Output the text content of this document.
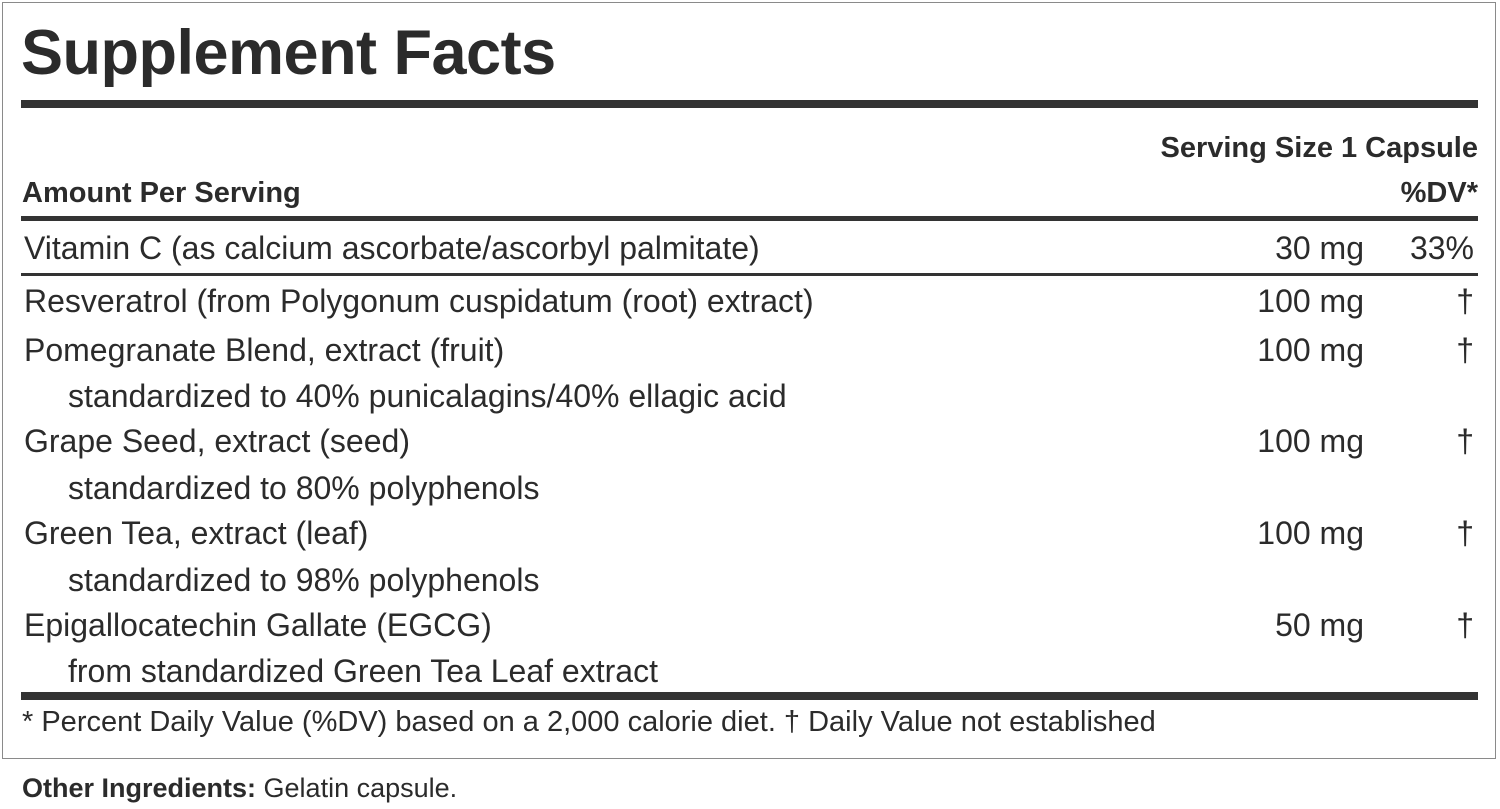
Supplement Facts
Serving Size 1 Capsule
Amount Per Serving	%DV*
Vitamin C (as calcium ascorbate/ascorbyl palmitate)	30 mg 33%
Resveratrol (from Polygonum cuspidatum (root) extract)	100 mg	†
Pomegranate Blend, extract (fruit)	100 mg	†
standardized to 40% punicalagins/40% ellagic acid
Grape Seed, extract (seed)	100 mg	†
standardized to 80% polyphenols
Green Tea, extract (leaf)	100 mg	†
standardized to 98% polyphenols
Epigallocatechin Gallate (EGCG)	50 mg	†
from standardized Green Tea Leaf extract
* Percent Daily Value (%DV) based on a 2,000 calorie diet. † Daily Value not established
Other Ingredients: Gelatin capsule.
